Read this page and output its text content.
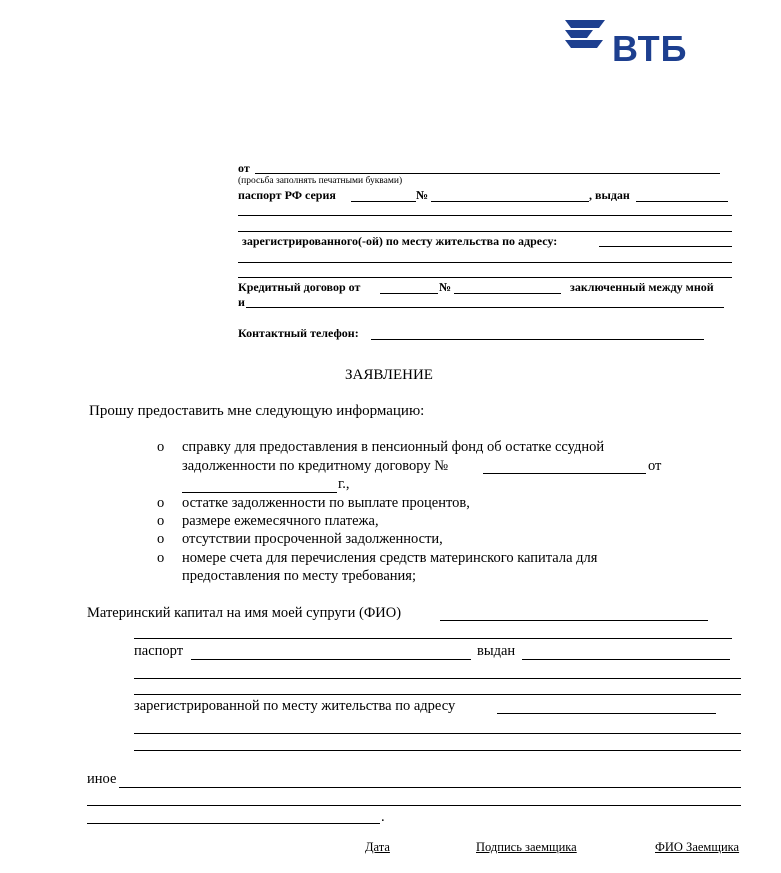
ВТБ
от
(просьба заполнять печатными буквами)
паспорт РФ серия	№	, выдан
зарегистрированного(-ой) по месту жительства по адресу:
Кредитный договор от	№	заключенный между мной
и
Контактный телефон:
ЗАЯВЛЕНИЕ
Прошу предоставить мне следующую информацию:
o справку для предоставления в пенсионный фонд об остатке ссудной
задолженности по кредитному договору №	от
г.,
o остатке задолженности по выплате процентов,
o размере ежемесячного платежа,
o отсутствии просроченной задолженности,
o номере счета для перечисления средств материнского капитала для
предоставления по месту требования;
Материнский капитал на имя моей супруги (ФИО)
паспорт	выдан
зарегистрированной по месту жительства по адресу
иное
.
Дата	Подпись заемщика	ФИО Заемщика
